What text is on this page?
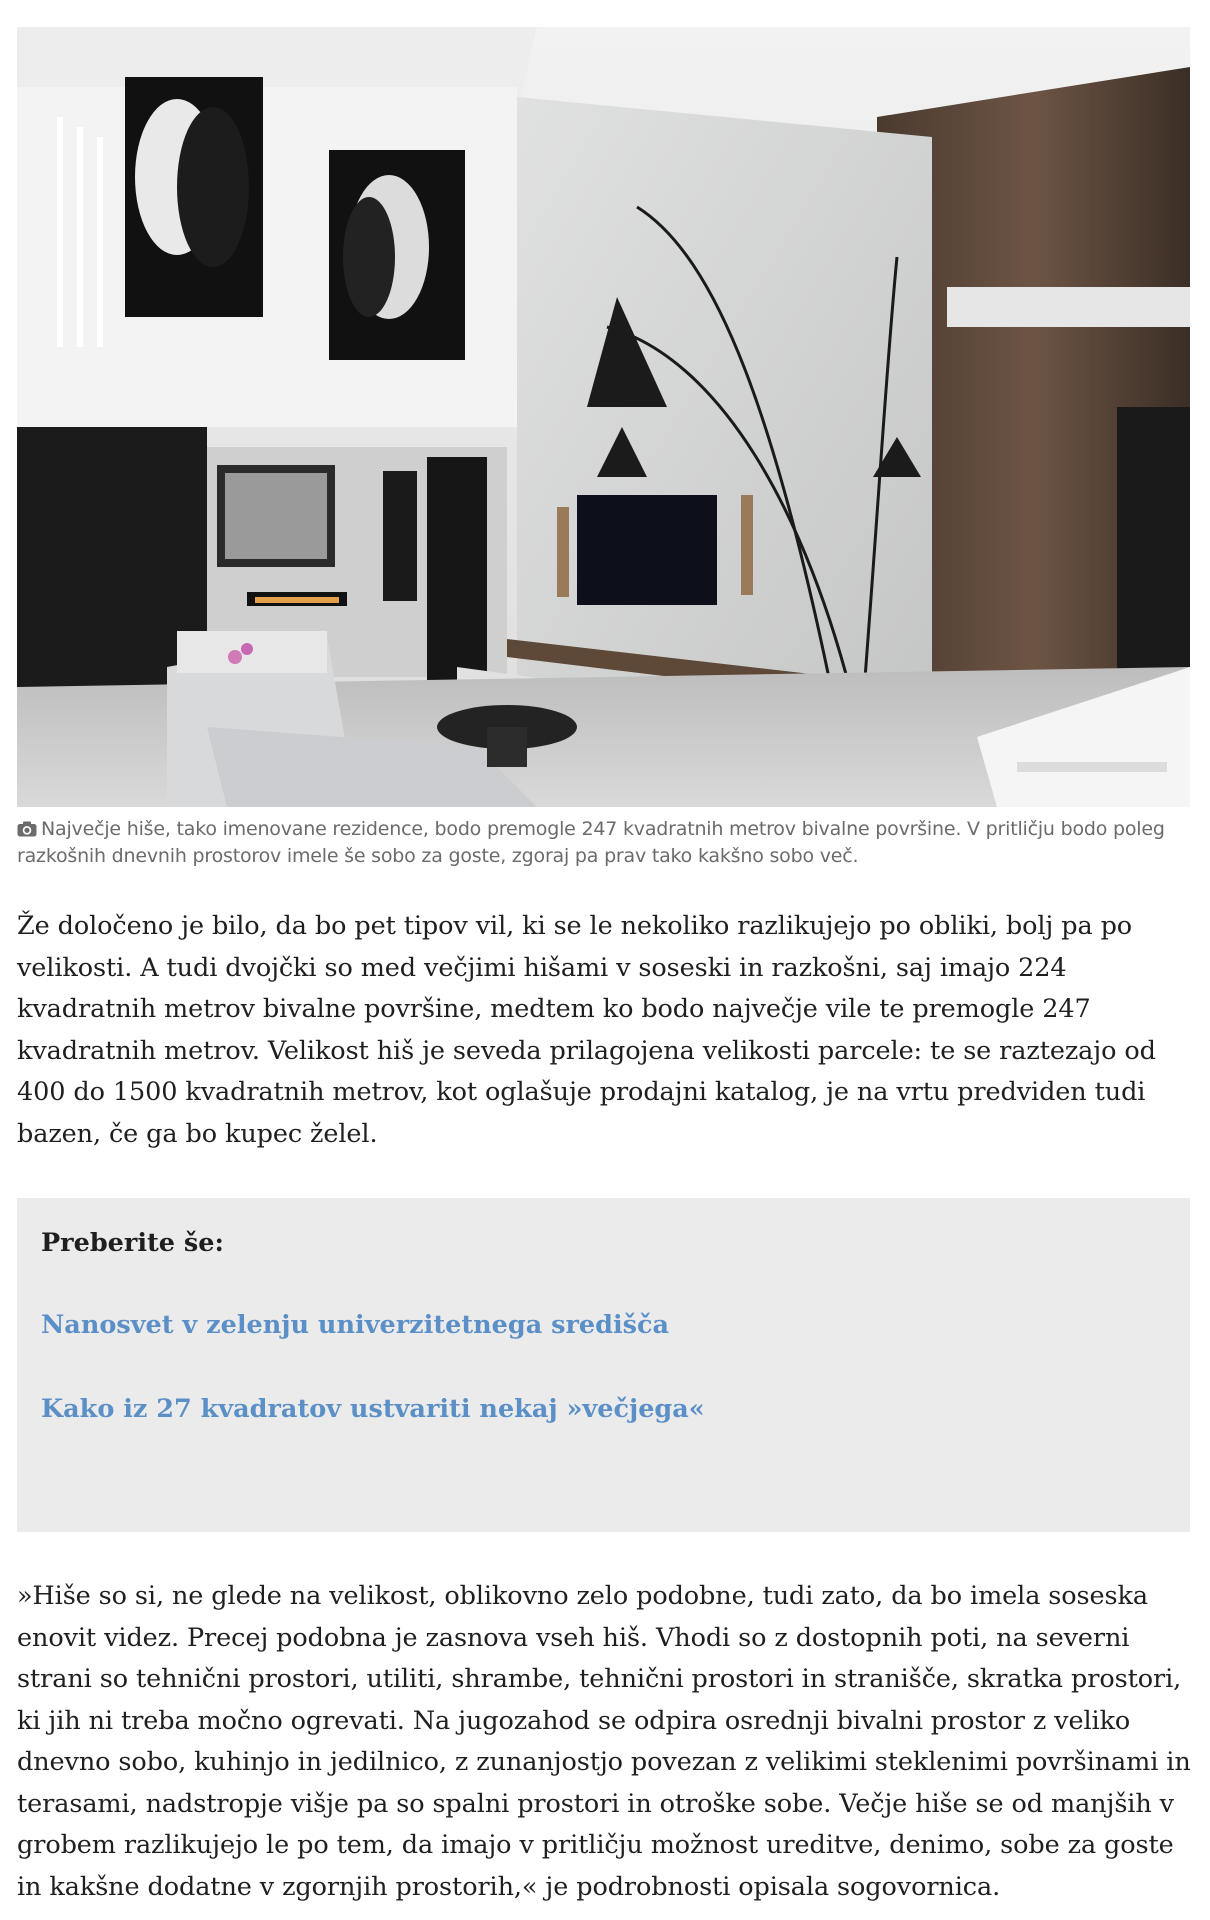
Največje hiše, tako imenovane rezidence, bodo premogle 247 kvadratnih metrov bivalne površine. V pritličju bodo poleg razkošnih dnevnih prostorov imele še sobo za goste, zgoraj pa prav tako kakšno sobo več.

Že določeno je bilo, da bo pet tipov vil, ki se le nekoliko razlikujejo po obliki, bolj pa po velikosti. A tudi dvojčki so med večjimi hišami v soseski in razkošni, saj imajo 224 kvadratnih metrov bivalne površine, medtem ko bodo največje vile te premogle 247 kvadratnih metrov. Velikost hiš je seveda prilagojena velikosti parcele: te se raztezajo od 400 do 1500 kvadratnih metrov, kot oglašuje prodajni katalog, je na vrtu predviden tudi bazen, če ga bo kupec želel.

Preberite še:
Nanosvet v zelenju univerzitetnega središča
Kako iz 27 kvadratov ustvariti nekaj »večjega«

»Hiše so si, ne glede na velikost, oblikovno zelo podobne, tudi zato, da bo imela soseska enovit videz. Precej podobna je zasnova vseh hiš. Vhodi so z dostopnih poti, na severni strani so tehnični prostori, utiliti, shrambe, tehnični prostori in stranišče, skratka prostori, ki jih ni treba močno ogrevati. Na jugozahod se odpira osrednji bivalni prostor z veliko dnevno sobo, kuhinjo in jedilnico, z zunanjostjo povezan z velikimi steklenimi površinami in terasami, nadstropje višje pa so spalni prostori in otroške sobe. Večje hiše se od manjših v grobem razlikujejo le po tem, da imajo v pritličju možnost ureditve, denimo, sobe za goste in kakšne dodatne v zgornjih prostorih,« je podrobnosti opisala sogovornica.
